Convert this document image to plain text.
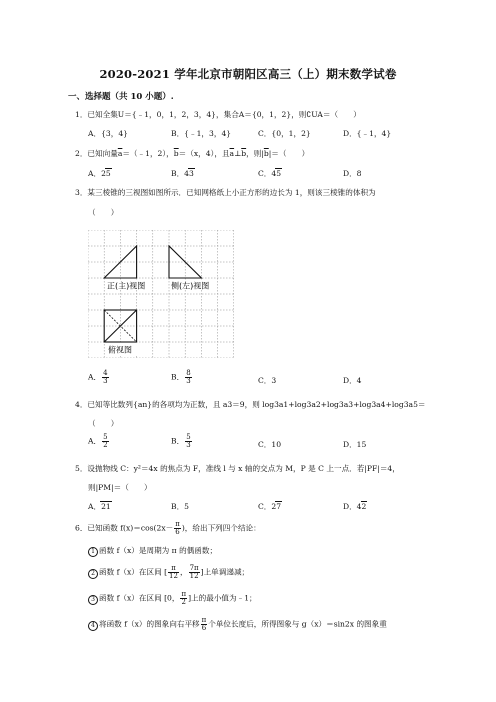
2020-2021 学年北京市朝阳区高三（上）期末数学试卷
一、选择题（共 10 小题）.
1．已知全集U＝{﹣1，0，1，2，3，4}，集合A＝{0，1，2}，则∁UA＝（　　）
A．{3，4}	B．{﹣1，3，4}	C．{0，1，2}	D．{﹣1，4}
2．已知向量$\overline{a}=(﹣1$，2），$\overline{b}=(x$，4），且$\overline{a}\perp\overline{b}$，则$|\overline{b}|=$（　　）
A．25	B．43	C．45	D．8
3．某三棱锥的三视图如图所示．已知网格纸上小正方形的边长为 1，则该三棱锥的体积为
（　　）
正(主)视图	侧(左)视图
俯视图
A． $\frac{4}{3}$	B． $\frac{8}{3}$	C．3	D．4
4．已知等比数列{an}的各项均为正数，且 a3＝9，则 log3a1+log3a2+log3a3+log3a4+log3a5＝
（　　）
A． $\frac{5}{2}$	B． $\frac{5}{3}$	C．10	D．15
5．设抛物线 C：y²＝4x 的焦点为 F，准线 l 与 x 轴的交点为 M，P 是 C 上一点．若|PF|＝4，
则|PM|＝（　　）
A．21	B．5	C．27	D．42
6．已知函数 $f(x)=\cos(2x- \frac{\pi}{6}$ )，给出下列四个结论：
1 函数 f（x）是周期为 π 的偶函数；
2 函数 f（x）在区间 [ $\frac{\pi}{12}$ ， $\frac{7\pi}{12}$ ]上单调递减；
3 函数 f（x）在区间 [0， $\frac{\pi}{2}$ ]上的最小值为﹣1；
4 将函数 f（x）的图象向右平移 $\frac{\pi}{6}$ 个单位长度后，所得图象与 g（x）＝sin2x 的图象重
